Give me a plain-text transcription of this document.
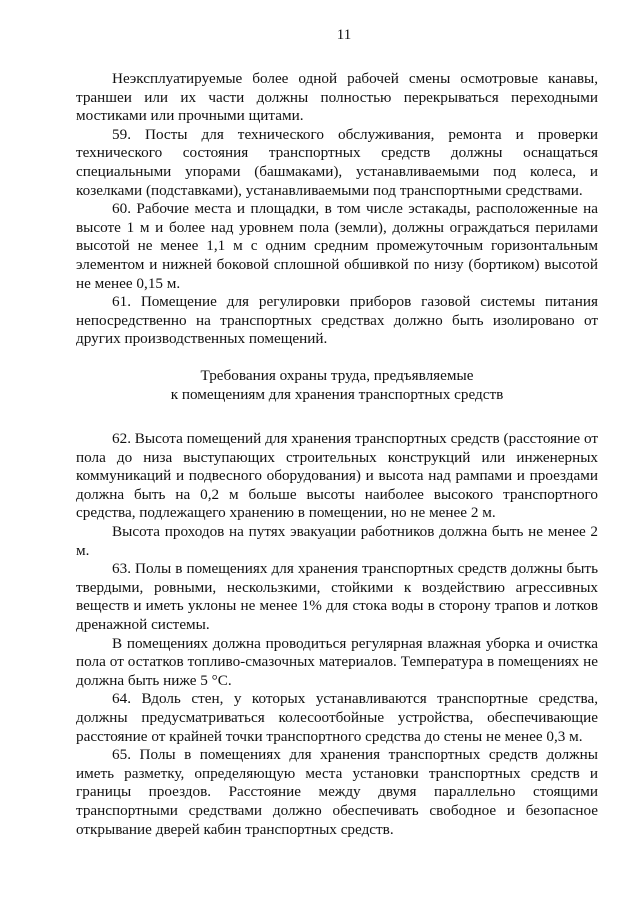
11

Неэксплуатируемые более одной рабочей смены осмотровые канавы, траншеи или их части должны полностью перекрываться переходными мостиками или прочными щитами.

59. Посты для технического обслуживания, ремонта и проверки технического состояния транспортных средств должны оснащаться специальными упорами (башмаками), устанавливаемыми под колеса, и козелками (подставками), устанавливаемыми под транспортными средствами.

60. Рабочие места и площадки, в том числе эстакады, расположенные на высоте 1 м и более над уровнем пола (земли), должны ограждаться перилами высотой не менее 1,1 м с одним средним промежуточным горизонтальным элементом и нижней боковой сплошной обшивкой по низу (бортиком) высотой не менее 0,15 м.

61. Помещение для регулировки приборов газовой системы питания непосредственно на транспортных средствах должно быть изолировано от других производственных помещений.

Требования охраны труда, предъявляемые
к помещениям для хранения транспортных средств

62. Высота помещений для хранения транспортных средств (расстояние от пола до низа выступающих строительных конструкций или инженерных коммуникаций и подвесного оборудования) и высота над рампами и проездами должна быть на 0,2 м больше высоты наиболее высокого транспортного средства, подлежащего хранению в помещении, но не менее 2 м.

Высота проходов на путях эвакуации работников должна быть не менее 2 м.

63. Полы в помещениях для хранения транспортных средств должны быть твердыми, ровными, нескользкими, стойкими к воздействию агрессивных веществ и иметь уклоны не менее 1% для стока воды в сторону трапов и лотков дренажной системы.

В помещениях должна проводиться регулярная влажная уборка и очистка пола от остатков топливо-смазочных материалов. Температура в помещениях не должна быть ниже 5 °С.

64. Вдоль стен, у которых устанавливаются транспортные средства, должны предусматриваться колесоотбойные устройства, обеспечивающие расстояние от крайней точки транспортного средства до стены не менее 0,3 м.

65. Полы в помещениях для хранения транспортных средств должны иметь разметку, определяющую места установки транспортных средств и границы проездов. Расстояние между двумя параллельно стоящими транспортными средствами должно обеспечивать свободное и безопасное открывание дверей кабин транспортных средств.
